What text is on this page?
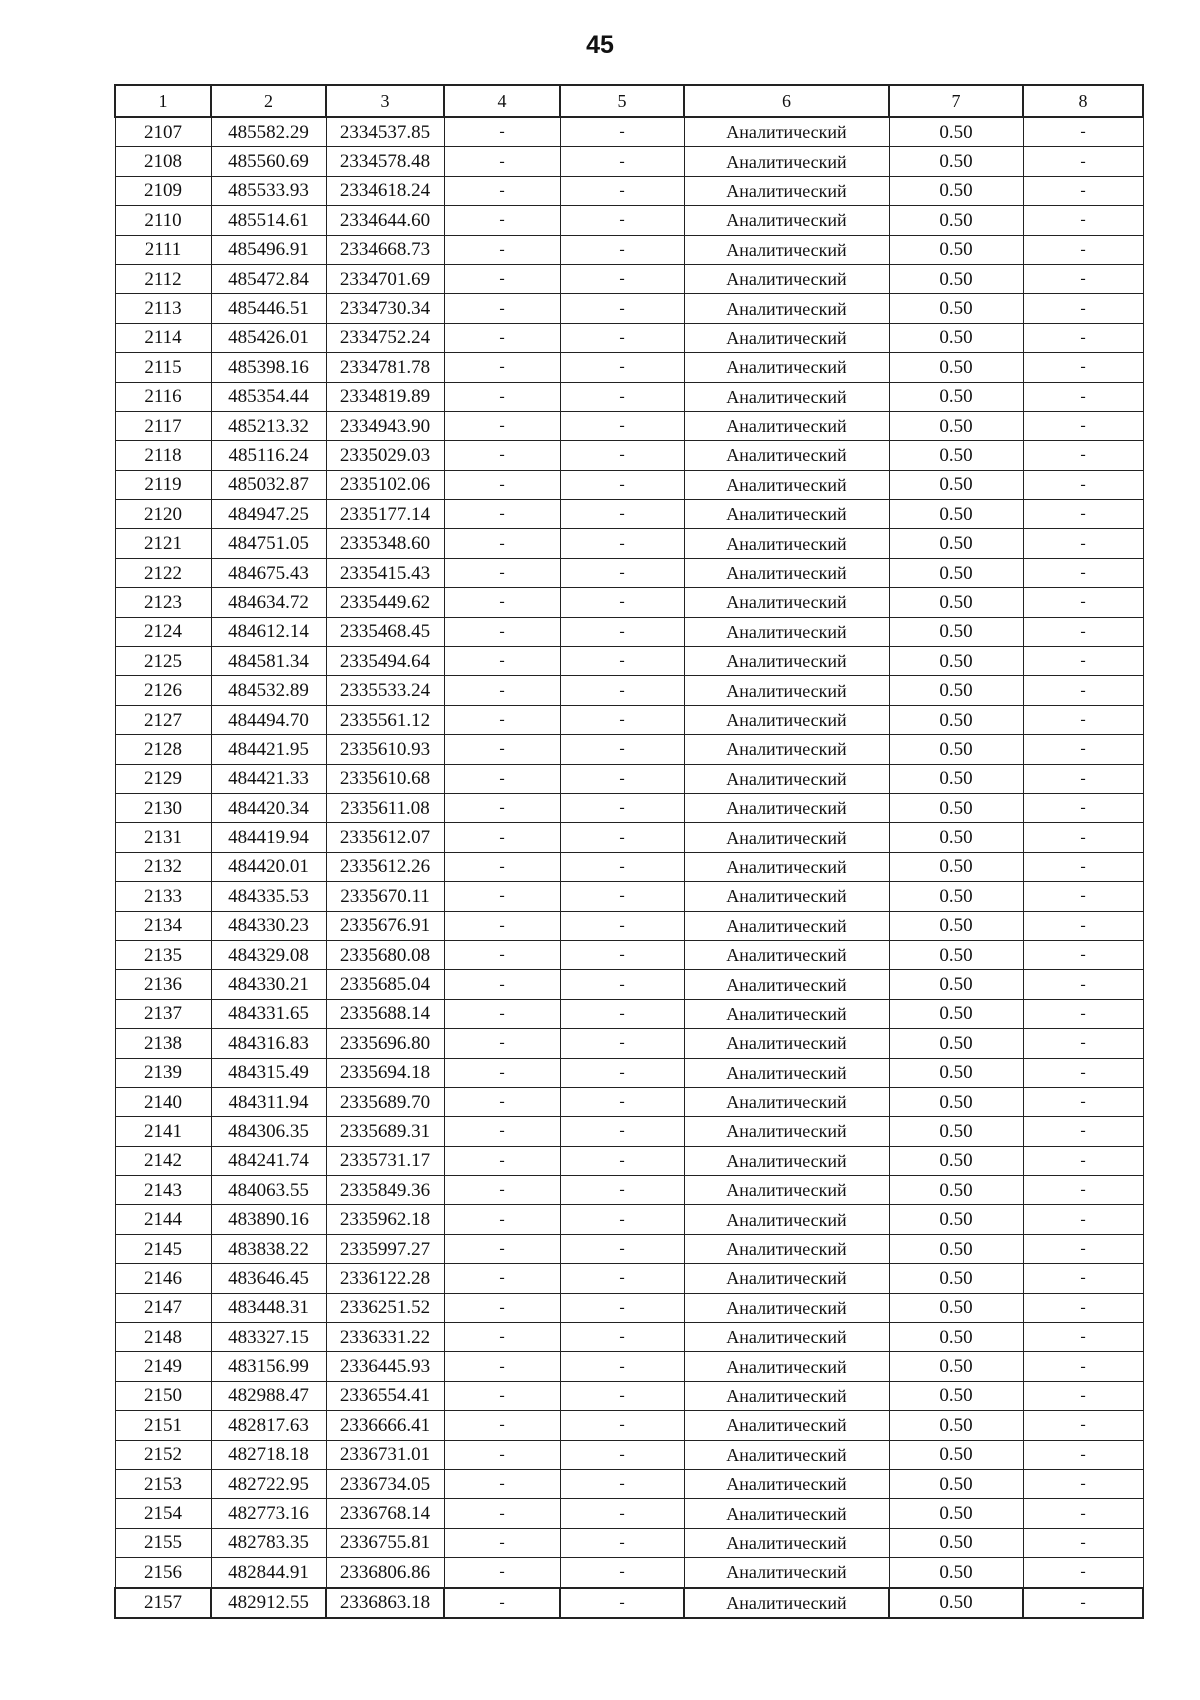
45
1	2	3	4	5	6	7	8
2107	485582.29	2334537.85	-	-	Аналитический	0.50	-
2108	485560.69	2334578.48	-	-	Аналитический	0.50	-
2109	485533.93	2334618.24	-	-	Аналитический	0.50	-
2110	485514.61	2334644.60	-	-	Аналитический	0.50	-
2111	485496.91	2334668.73	-	-	Аналитический	0.50	-
2112	485472.84	2334701.69	-	-	Аналитический	0.50	-
2113	485446.51	2334730.34	-	-	Аналитический	0.50	-
2114	485426.01	2334752.24	-	-	Аналитический	0.50	-
2115	485398.16	2334781.78	-	-	Аналитический	0.50	-
2116	485354.44	2334819.89	-	-	Аналитический	0.50	-
2117	485213.32	2334943.90	-	-	Аналитический	0.50	-
2118	485116.24	2335029.03	-	-	Аналитический	0.50	-
2119	485032.87	2335102.06	-	-	Аналитический	0.50	-
2120	484947.25	2335177.14	-	-	Аналитический	0.50	-
2121	484751.05	2335348.60	-	-	Аналитический	0.50	-
2122	484675.43	2335415.43	-	-	Аналитический	0.50	-
2123	484634.72	2335449.62	-	-	Аналитический	0.50	-
2124	484612.14	2335468.45	-	-	Аналитический	0.50	-
2125	484581.34	2335494.64	-	-	Аналитический	0.50	-
2126	484532.89	2335533.24	-	-	Аналитический	0.50	-
2127	484494.70	2335561.12	-	-	Аналитический	0.50	-
2128	484421.95	2335610.93	-	-	Аналитический	0.50	-
2129	484421.33	2335610.68	-	-	Аналитический	0.50	-
2130	484420.34	2335611.08	-	-	Аналитический	0.50	-
2131	484419.94	2335612.07	-	-	Аналитический	0.50	-
2132	484420.01	2335612.26	-	-	Аналитический	0.50	-
2133	484335.53	2335670.11	-	-	Аналитический	0.50	-
2134	484330.23	2335676.91	-	-	Аналитический	0.50	-
2135	484329.08	2335680.08	-	-	Аналитический	0.50	-
2136	484330.21	2335685.04	-	-	Аналитический	0.50	-
2137	484331.65	2335688.14	-	-	Аналитический	0.50	-
2138	484316.83	2335696.80	-	-	Аналитический	0.50	-
2139	484315.49	2335694.18	-	-	Аналитический	0.50	-
2140	484311.94	2335689.70	-	-	Аналитический	0.50	-
2141	484306.35	2335689.31	-	-	Аналитический	0.50	-
2142	484241.74	2335731.17	-	-	Аналитический	0.50	-
2143	484063.55	2335849.36	-	-	Аналитический	0.50	-
2144	483890.16	2335962.18	-	-	Аналитический	0.50	-
2145	483838.22	2335997.27	-	-	Аналитический	0.50	-
2146	483646.45	2336122.28	-	-	Аналитический	0.50	-
2147	483448.31	2336251.52	-	-	Аналитический	0.50	-
2148	483327.15	2336331.22	-	-	Аналитический	0.50	-
2149	483156.99	2336445.93	-	-	Аналитический	0.50	-
2150	482988.47	2336554.41	-	-	Аналитический	0.50	-
2151	482817.63	2336666.41	-	-	Аналитический	0.50	-
2152	482718.18	2336731.01	-	-	Аналитический	0.50	-
2153	482722.95	2336734.05	-	-	Аналитический	0.50	-
2154	482773.16	2336768.14	-	-	Аналитический	0.50	-
2155	482783.35	2336755.81	-	-	Аналитический	0.50	-
2156	482844.91	2336806.86	-	-	Аналитический	0.50	-
2157	482912.55	2336863.18	-	-	Аналитический	0.50	-
